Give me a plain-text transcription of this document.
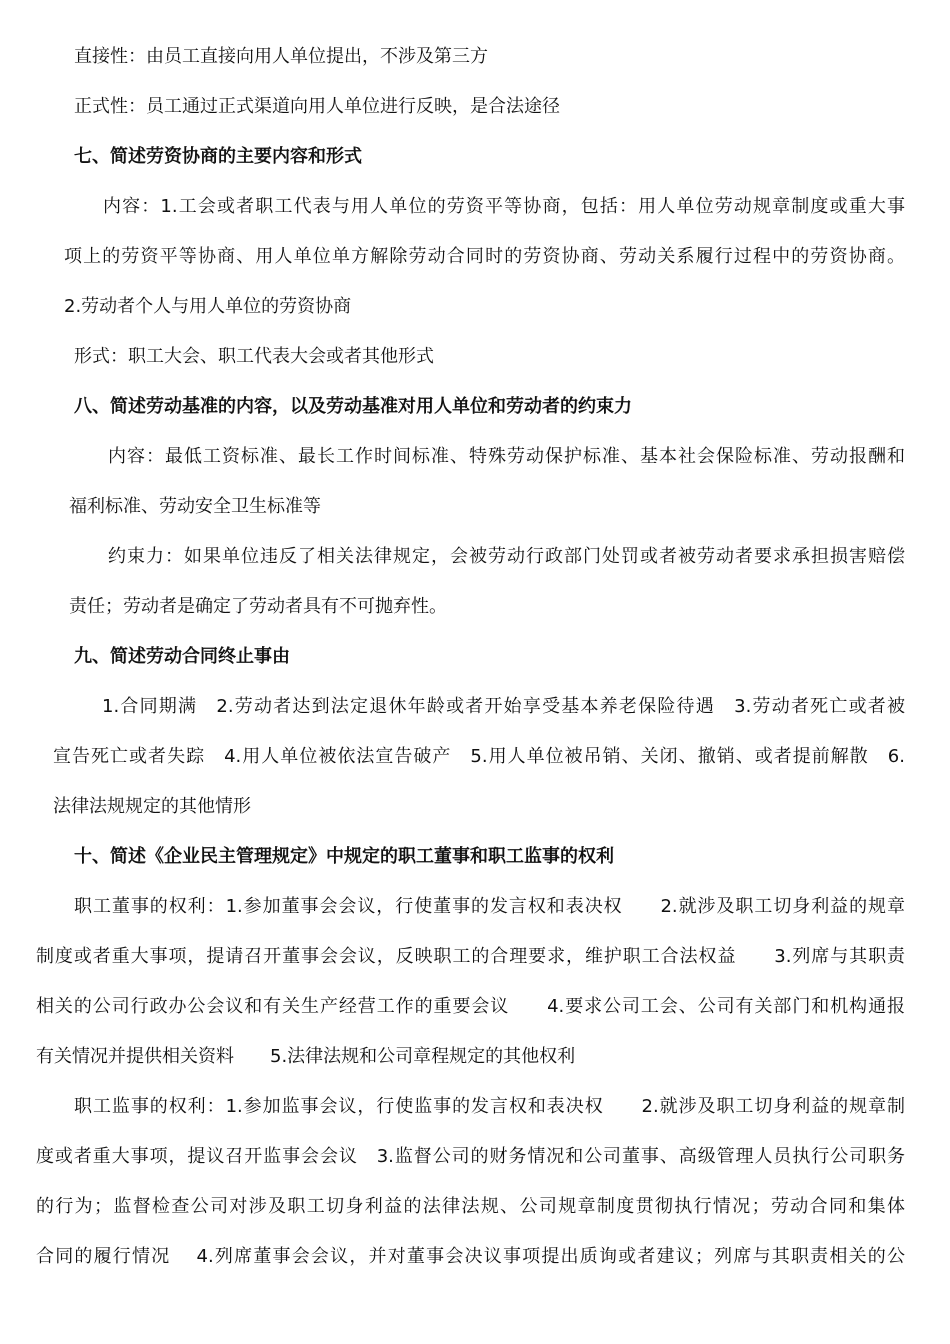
直接性：由员工直接向用人单位提出，不涉及第三方
正式性：员工通过正式渠道向用人单位进行反映，是合法途径
七、简述劳资协商的主要内容和形式
内容：1.工会或者职工代表与用人单位的劳资平等协商，包括：用人单位劳动规章制度或重大事
项上的劳资平等协商、用人单位单方解除劳动合同时的劳资协商、劳动关系履行过程中的劳资协商。
2.劳动者个人与用人单位的劳资协商
形式：职工大会、职工代表大会或者其他形式
八、简述劳动基准的内容，以及劳动基准对用人单位和劳动者的约束力
内容：最低工资标准、最长工作时间标准、特殊劳动保护标准、基本社会保险标准、劳动报酬和
福利标准、劳动安全卫生标准等
约束力：如果单位违反了相关法律规定，会被劳动行政部门处罚或者被劳动者要求承担损害赔偿
责任；劳动者是确定了劳动者具有不可抛弃性。
九、简述劳动合同终止事由
1.合同期满　2.劳动者达到法定退休年龄或者开始享受基本养老保险待遇　3.劳动者死亡或者被
宣告死亡或者失踪　4.用人单位被依法宣告破产　5.用人单位被吊销、关闭、撤销、或者提前解散　6.
法律法规规定的其他情形
十、简述《企业民主管理规定》中规定的职工董事和职工监事的权利
职工董事的权利：1.参加董事会会议，行使董事的发言权和表决权　　2.就涉及职工切身利益的规章
制度或者重大事项，提请召开董事会会议，反映职工的合理要求，维护职工合法权益　　3.列席与其职责
相关的公司行政办公会议和有关生产经营工作的重要会议　　4.要求公司工会、公司有关部门和机构通报
有关情况并提供相关资料　　5.法律法规和公司章程规定的其他权利
职工监事的权利：1.参加监事会议，行使监事的发言权和表决权　　2.就涉及职工切身利益的规章制
度或者重大事项，提议召开监事会会议　3.监督公司的财务情况和公司董事、高级管理人员执行公司职务
的行为；监督检查公司对涉及职工切身利益的法律法规、公司规章制度贯彻执行情况；劳动合同和集体
合同的履行情况　 4.列席董事会会议，并对董事会决议事项提出质询或者建议；列席与其职责相关的公
